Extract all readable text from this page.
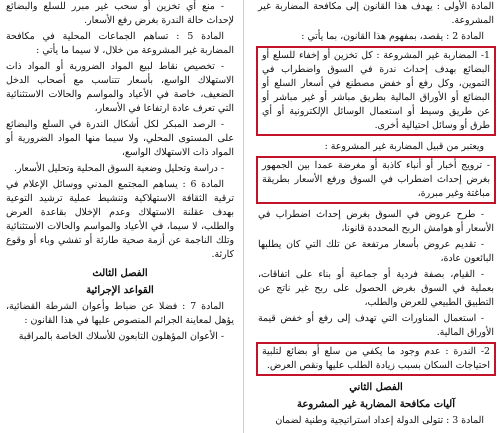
المادة الأولى : يهدف هذا القانون إلى مكافحة المضاربة غير المشروعة.

المادة 2 : يقصد، بمفهوم هذا القانون، بما يأتي :

1- المضاربة غير المشروعة : كل تخزين أو إخفاء للسلع أو البضائع بهدف إحداث ندرة في السوق واضطراب في التموين، وكل رفع أو خفض مصطنع في أسعار السلع أو البضائع أو الأوراق المالية بطريق مباشر أو غير مباشر أو عن طريق وسيط أو استعمال الوسائل الإلكترونية أو أي طرق أو وسائل احتيالية أخرى.

ويعتبر من قبيل المضاربة غير المشروعة :

- ترويج أخبار أو أنباء كاذبة أو مغرضة عمدا بين الجمهور بغرض إحداث اضطراب في السوق ورفع الأسعار بطريقة مباغتة وغير مبررة،

- طرح عروض في السوق بغرض إحداث اضطراب في الأسعار أو هوامش الربح المحددة قانونا،

- تقديم عروض بأسعار مرتفعة عن تلك التي كان يطلبها البائعون عادة،

- القيام، بصفة فردية أو جماعية أو بناء على اتفاقات، بعملية في السوق بغرض الحصول على ربح غير ناتج عن التطبيق الطبيعي للعرض والطلب،

- استعمال المناورات التي تهدف إلى رفع أو خفض قيمة الأوراق المالية.

2- الندرة : عدم وجود ما يكفي من سلع أو بضائع لتلبية احتياجات السكان بسبب زيادة الطلب عليها ونقص العرض.

الفصل الثاني
آليات مكافحة المضاربة غير المشروعة

المادة 3 : تتولى الدولة إعداد استراتيجية وطنية لضمان

- منع أي تخزين أو سحب غير مبرر للسلع والبضائع لإحداث حالة الندرة بغرض رفع الأسعار.

المادة 5 : تساهم الجماعات المحلية في مكافحة المضاربة غير المشروعة من خلال، لا سيما ما يأتي :

- تخصيص نقاط لبيع المواد الضرورية أو المواد ذات الاستهلاك الواسع، بأسعار تتناسب مع أصحاب الدخل الضعيف، خاصة في الأعياد والمواسم والحالات الاستثنائية التي تعرف عادة ارتفاعا في الأسعار،

- الرصد المبكر لكل أشكال الندرة في السلع والبضائع على المستوى المحلي، ولا سيما منها المواد الضرورية أو المواد ذات الاستهلاك الواسع،

- دراسة وتحليل وضعية السوق المحلية وتحليل الأسعار.

المادة 6 : يساهم المجتمع المدني ووسائل الإعلام في ترقية الثقافة الاستهلاكية وتنشيط عملية ترشيد التوعية بهدف عقلنة الاستهلاك وعدم الإخلال بقاعدة العرض والطلب، لا سيما، في الأعياد والمواسم والحالات الاستثنائية وتلك الناجمة عن أزمة صحية طارئة أو تفشي وباء أو وقوع كارثة.

الفصل الثالث
القواعد الإجرائية

المادة 7 : فضلا عن ضباط وأعوان الشرطة القضائية، يؤهل لمعاينة الجرائم المنصوص عليها في هذا القانون :

- الأعوان المؤهلون التابعون للأسلاك الخاصة بالمراقبة
